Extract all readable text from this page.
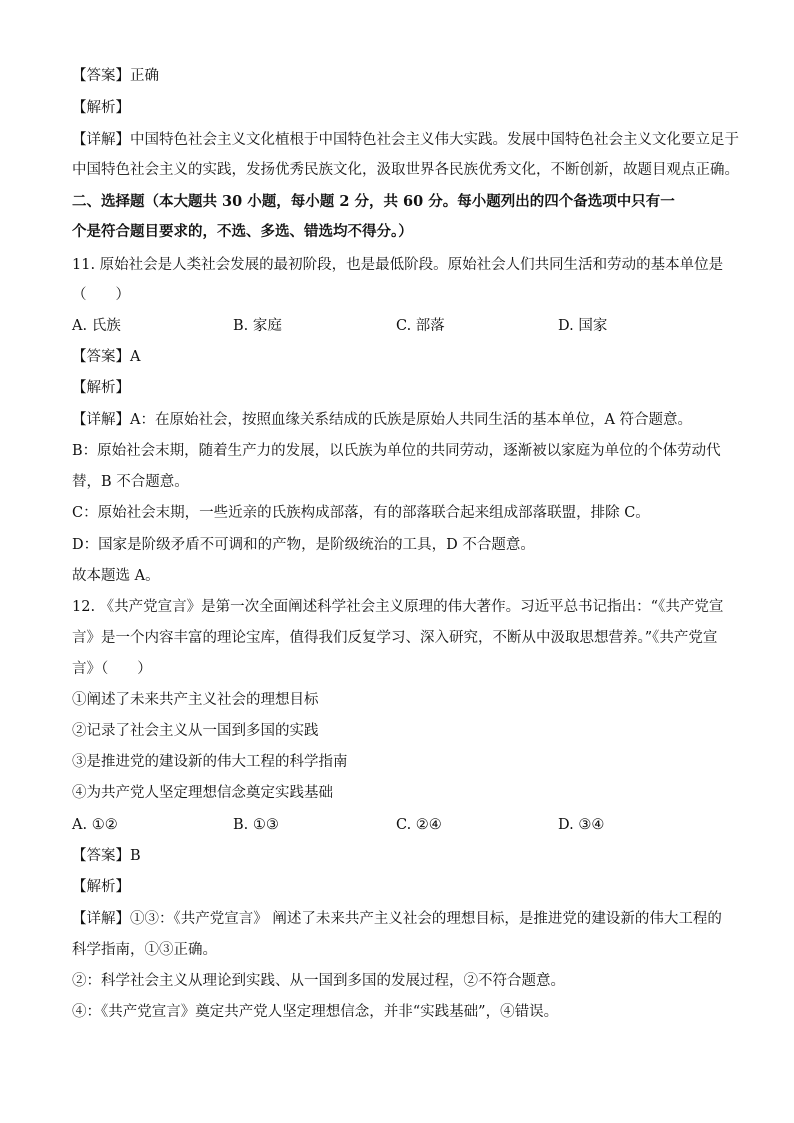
【答案】正确
【解析】
【详解】中国特色社会主义文化植根于中国特色社会主义伟大实践。发展中国特色社会主义文化要立足于
中国特色社会主义的实践，发扬优秀民族文化，汲取世界各民族优秀文化，不断创新，故题目观点正确。
二、选择题（本大题共 30 小题，每小题 2 分，共 60 分。每小题列出的四个备选项中只有一
个是符合题目要求的，不选、多选、错选均不得分。）
11. 原始社会是人类社会发展的最初阶段，也是最低阶段。原始社会人们共同生活和劳动的基本单位是
（　　）
A. 氏族	B. 家庭	C. 部落	D. 国家
【答案】A
【解析】
【详解】A：在原始社会，按照血缘关系结成的氏族是原始人共同生活的基本单位，A 符合题意。
B：原始社会末期，随着生产力的发展，以氏族为单位的共同劳动，逐渐被以家庭为单位的个体劳动代
替，B 不合题意。
C：原始社会末期，一些近亲的氏族构成部落，有的部落联合起来组成部落联盟，排除 C。
D：国家是阶级矛盾不可调和的产物，是阶级统治的工具，D 不合题意。
故本题选 A。
12. 《共产党宣言》是第一次全面阐述科学社会主义原理的伟大著作。习近平总书记指出：“《共产党宣
言》是一个内容丰富的理论宝库，值得我们反复学习、深入研究，不断从中汲取思想营养。”《共产党宣
言》（　　）
①阐述了未来共产主义社会的理想目标
②记录了社会主义从一国到多国的实践
③是推进党的建设新的伟大工程的科学指南
④为共产党人坚定理想信念奠定实践基础
A. ①②	B. ①③	C. ②④	D. ③④
【答案】B
【解析】
【详解】①③：《共产党宣言》 阐述了未来共产主义社会的理想目标，是推进党的建设新的伟大工程的
科学指南，①③正确。
②：科学社会主义从理论到实践、从一国到多国的发展过程，②不符合题意。
④：《共产党宣言》奠定共产党人坚定理想信念，并非“实践基础”，④错误。
